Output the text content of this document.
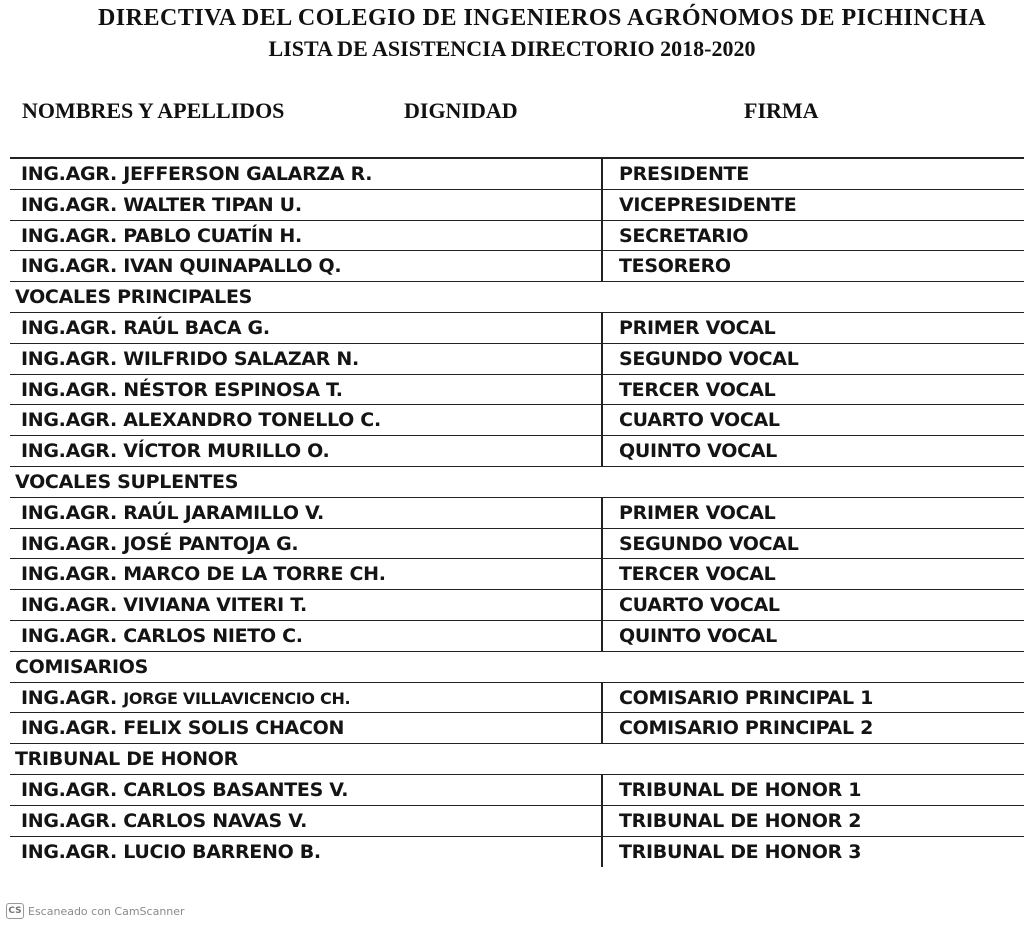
DIRECTIVA DEL COLEGIO DE INGENIEROS AGRÓNOMOS DE PICHINCHA
LISTA DE ASISTENCIA DIRECTORIO 2018-2020
NOMBRES Y APELLIDOS	DIGNIDAD	FIRMA
ING.AGR. JEFFERSON GALARZA R.	PRESIDENTE
ING.AGR. WALTER TIPAN U.	VICEPRESIDENTE
ING.AGR. PABLO CUATÍN H.	SECRETARIO
ING.AGR. IVAN QUINAPALLO Q.	TESORERO
VOCALES PRINCIPALES
ING.AGR. RAÚL BACA G.	PRIMER VOCAL
ING.AGR. WILFRIDO SALAZAR N.	SEGUNDO VOCAL
ING.AGR. NÉSTOR ESPINOSA T.	TERCER VOCAL
ING.AGR. ALEXANDRO TONELLO C.	CUARTO VOCAL
ING.AGR. VÍCTOR MURILLO O.	QUINTO VOCAL
VOCALES SUPLENTES
ING.AGR. RAÚL JARAMILLO V.	PRIMER VOCAL
ING.AGR. JOSÉ PANTOJA G.	SEGUNDO VOCAL
ING.AGR. MARCO DE LA TORRE CH.	TERCER VOCAL
ING.AGR. VIVIANA VITERI T.	CUARTO VOCAL
ING.AGR. CARLOS NIETO C.	QUINTO VOCAL
COMISARIOS
ING.AGR. JORGE VILLAVICENCIO CH.	COMISARIO PRINCIPAL 1
ING.AGR. FELIX SOLIS CHACON	COMISARIO PRINCIPAL 2
TRIBUNAL DE HONOR
ING.AGR. CARLOS BASANTES V.	TRIBUNAL DE HONOR 1
ING.AGR. CARLOS NAVAS V.	TRIBUNAL DE HONOR 2
ING.AGR. LUCIO BARRENO B.	TRIBUNAL DE HONOR 3
CS Escaneado con CamScanner
